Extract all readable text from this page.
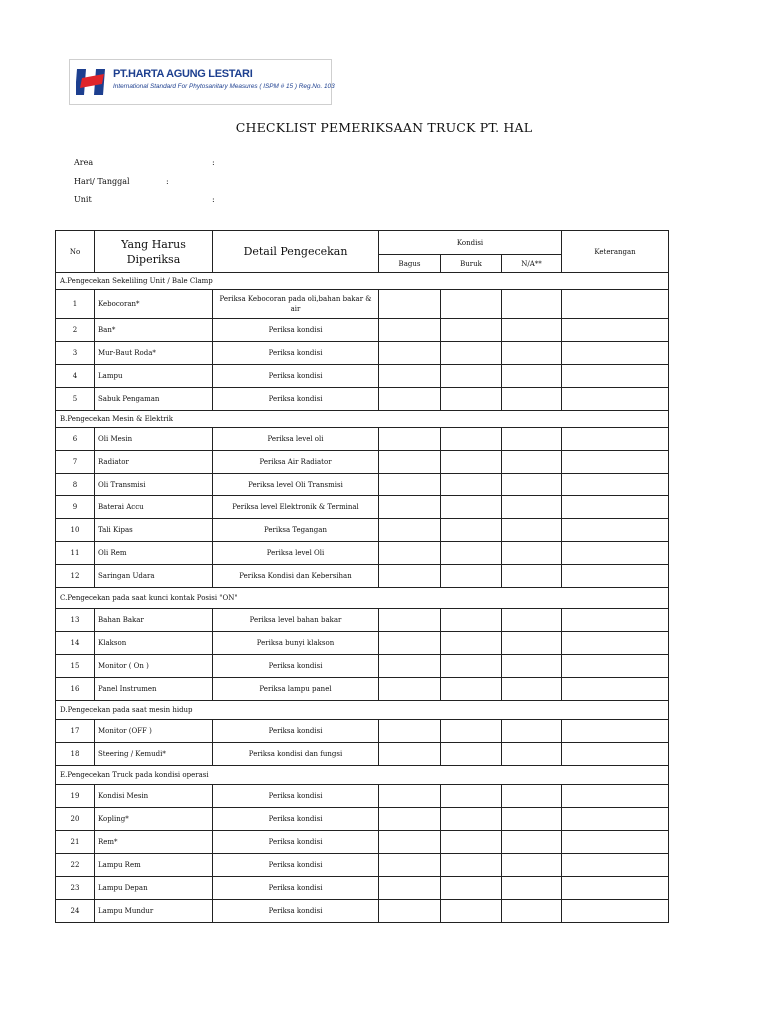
PT.HARTA AGUNG LESTARI
International Standard For Phytosanitary Measures ( ISPM # 15 ) Reg.No. 103
CHECKLIST PEMERIKSAAN TRUCK PT. HAL
Area	:
Hari/ Tanggal	:
Unit	:
No	Yang Harus Diperiksa	Detail Pengecekan	Kondisi			Keterangan
			Bagus	Buruk	N/A**	
A.Pengecekan Sekeliling Unit / Bale Clamp						
1	Kebocoran*	Periksa Kebocoran pada oli,bahan bakar & air				
2	Ban*	Periksa kondisi				
3	Mur-Baut Roda*	Periksa kondisi				
4	Lampu	Periksa kondisi				
5	Sabuk Pengaman	Periksa kondisi				
B.Pengecekan Mesin & Elektrik						
6	Oli Mesin	Periksa level oli				
7	Radiator	Periksa Air Radiator				
8	Oli Transmisi	Periksa level Oli Transmisi				
9	Baterai Accu	Periksa level Elektronik & Terminal				
10	Tali Kipas	Periksa Tegangan				
11	Oli Rem	Periksa level Oli				
12	Saringan Udara	Periksa Kondisi dan Kebersihan				
C.Pengecekan pada saat kunci kontak Posisi "ON"						
13	Bahan Bakar	Periksa level bahan bakar				
14	Klakson	Periksa bunyi klakson				
15	Monitor ( On )	Periksa kondisi				
16	Panel Instrumen	Periksa lampu panel				
D.Pengecekan pada saat mesin hidup						
17	Monitor (OFF )	Periksa kondisi				
18	Steering / Kemudi*	Periksa kondisi dan fungsi				
E.Pengecekan Truck pada kondisi operasi						
19	Kondisi Mesin	Periksa kondisi				
20	Kopling*	Periksa kondisi				
21	Rem*	Periksa kondisi				
22	Lampu Rem	Periksa kondisi				
23	Lampu Depan	Periksa kondisi				
24	Lampu Mundur	Periksa kondisi				
